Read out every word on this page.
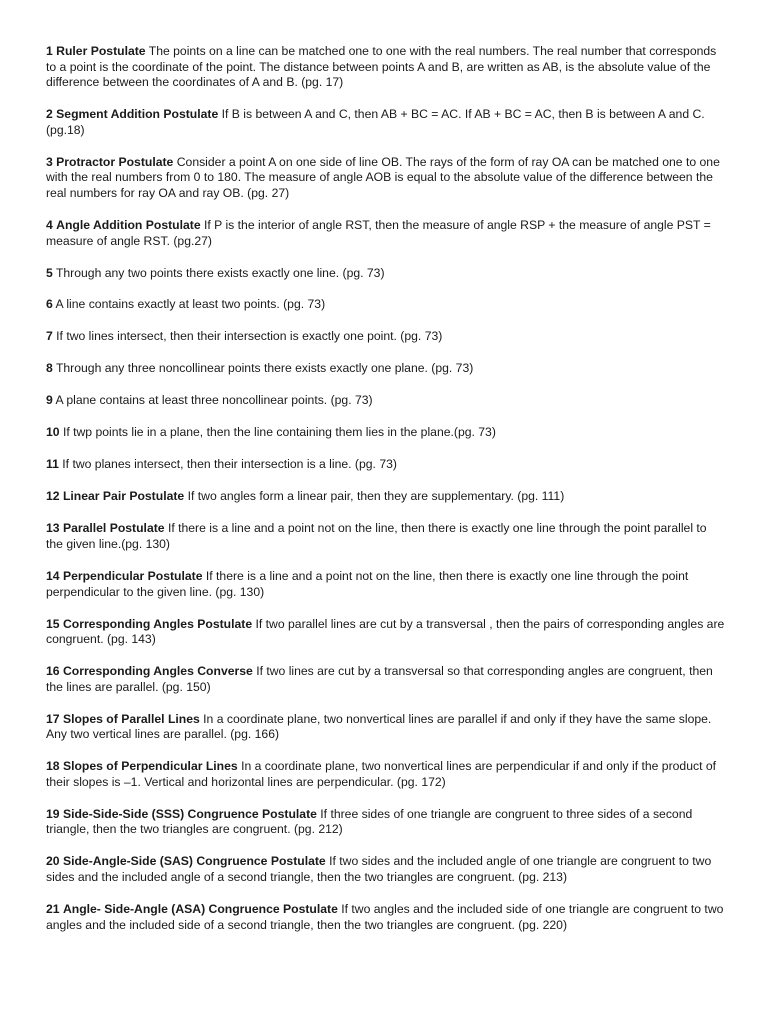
1 Ruler Postulate The points on a line can be matched one to one with the real numbers. The real number that corresponds to a point is the coordinate of the point. The distance between points A and B, are written as AB, is the absolute value of the difference between the coordinates of A and B. (pg. 17)

2 Segment Addition Postulate If B is between A and C, then AB + BC = AC. If AB + BC = AC, then B is between A and C. (pg.18)

3 Protractor Postulate Consider a point A on one side of line OB. The rays of the form of ray OA can be matched one to one with the real numbers from 0 to 180. The measure of angle AOB is equal to the absolute value of the difference between the real numbers for ray OA and ray OB. (pg. 27)

4 Angle Addition Postulate If P is the interior of angle RST, then the measure of angle RSP + the measure of angle PST = measure of angle RST. (pg.27)

5 Through any two points there exists exactly one line. (pg. 73)

6 A line contains exactly at least two points. (pg. 73)

7 If two lines intersect, then their intersection is exactly one point. (pg. 73)

8 Through any three noncollinear points there exists exactly one plane. (pg. 73)

9 A plane contains at least three noncollinear points. (pg. 73)

10 If twp points lie in a plane, then the line containing them lies in the plane.(pg. 73)

11 If two planes intersect, then their intersection is a line. (pg. 73)

12 Linear Pair Postulate If two angles form a linear pair, then they are supplementary. (pg. 111)

13 Parallel Postulate If there is a line and a point not on the line, then there is exactly one line through the point parallel to the given line.(pg. 130)

14 Perpendicular Postulate If there is a line and a point not on the line, then there is exactly one line through the point perpendicular to the given line. (pg. 130)

15 Corresponding Angles Postulate If two parallel lines are cut by a transversal , then the pairs of corresponding angles are congruent. (pg. 143)

16 Corresponding Angles Converse If two lines are cut by a transversal so that corresponding angles are congruent, then the lines are parallel. (pg. 150)

17 Slopes of Parallel Lines In a coordinate plane, two nonvertical lines are parallel if and only if they have the same slope. Any two vertical lines are parallel. (pg. 166)

18 Slopes of Perpendicular Lines In a coordinate plane, two nonvertical lines are perpendicular if and only if the product of their slopes is –1. Vertical and horizontal lines are perpendicular. (pg. 172)

19 Side-Side-Side (SSS) Congruence Postulate If three sides of one triangle are congruent to three sides of a second triangle, then the two triangles are congruent. (pg. 212)

20 Side-Angle-Side (SAS) Congruence Postulate If two sides and the included angle of one triangle are congruent to two sides and the included angle of a second triangle, then the two triangles are congruent. (pg. 213)

21 Angle- Side-Angle (ASA) Congruence Postulate If two angles and the included side of one triangle are congruent to two angles and the included side of a second triangle, then the two triangles are congruent. (pg. 220)
